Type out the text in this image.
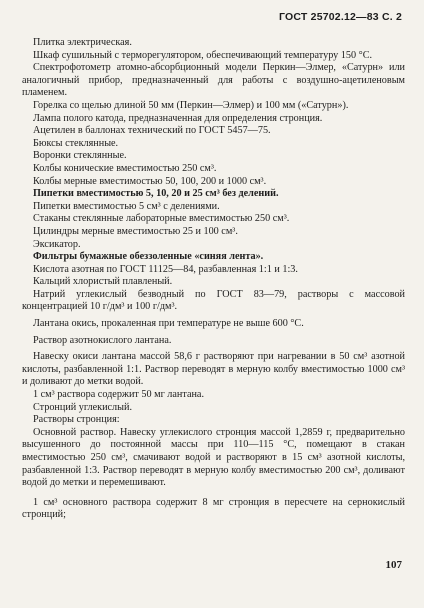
ГОСТ 25702.12—83 С. 2

Плитка электрическая.

Шкаф сушильный с терморегулятором, обеспечивающий температуру 150 °С.

Спектрофотометр атомно-абсорбционный модели Перкин—Элмер, «Сатурн» или аналогичный прибор, предназначенный для работы с воздушно-ацетиленовым пламенем.

Горелка со щелью длиной 50 мм (Перкин—Элмер) и 100 мм («Сатурн»).

Лампа полого катода, предназначенная для определения стронция.

Ацетилен в баллонах технический по ГОСТ 5457—75.

Бюксы стеклянные.

Воронки стеклянные.

Колбы конические вместимостью 250 см³.

Колбы мерные вместимостью 50, 100, 200 и 1000 см³.

Пипетки вместимостью 5, 10, 20 и 25 см³ без делений.

Пипетки вместимостью 5 см³ с делениями.

Стаканы стеклянные лабораторные вместимостью 250 см³.

Цилиндры мерные вместимостью 25 и 100 см³.

Эксикатор.

Фильтры бумажные обеззоленные «синяя лента».

Кислота азотная по ГОСТ 11125—84, разбавленная 1:1 и 1:3.

Кальций хлористый плавленый.

Натрий углекислый безводный по ГОСТ 83—79, растворы с массовой концентрацией 10 г/дм³ и 100 г/дм³.

Лантана окись, прокаленная при температуре не выше 600 °С.

Раствор азотнокислого лантана.

Навеску окиси лантана массой 58,6 г растворяют при нагревании в 50 см³ азотной кислоты, разбавленной 1:1. Раствор переводят в мерную колбу вместимостью 1000 см³ и доливают до метки водой.

1 см³ раствора содержит 50 мг лантана.

Стронций углекислый.

Растворы стронция:

Основной раствор. Навеску углекислого стронция массой 1,2859 г, предварительно высушенного до постоянной массы при 110—115 °С, помещают в стакан вместимостью 250 см³, смачивают водой и растворяют в 15 см³ азотной кислоты, разбавленной 1:3. Раствор переводят в мерную колбу вместимостью 200 см³, доливают водой до метки и перемешивают.

1 см³ основного раствора содержит 8 мг стронция в пересчете на сернокислый стронций;

107
